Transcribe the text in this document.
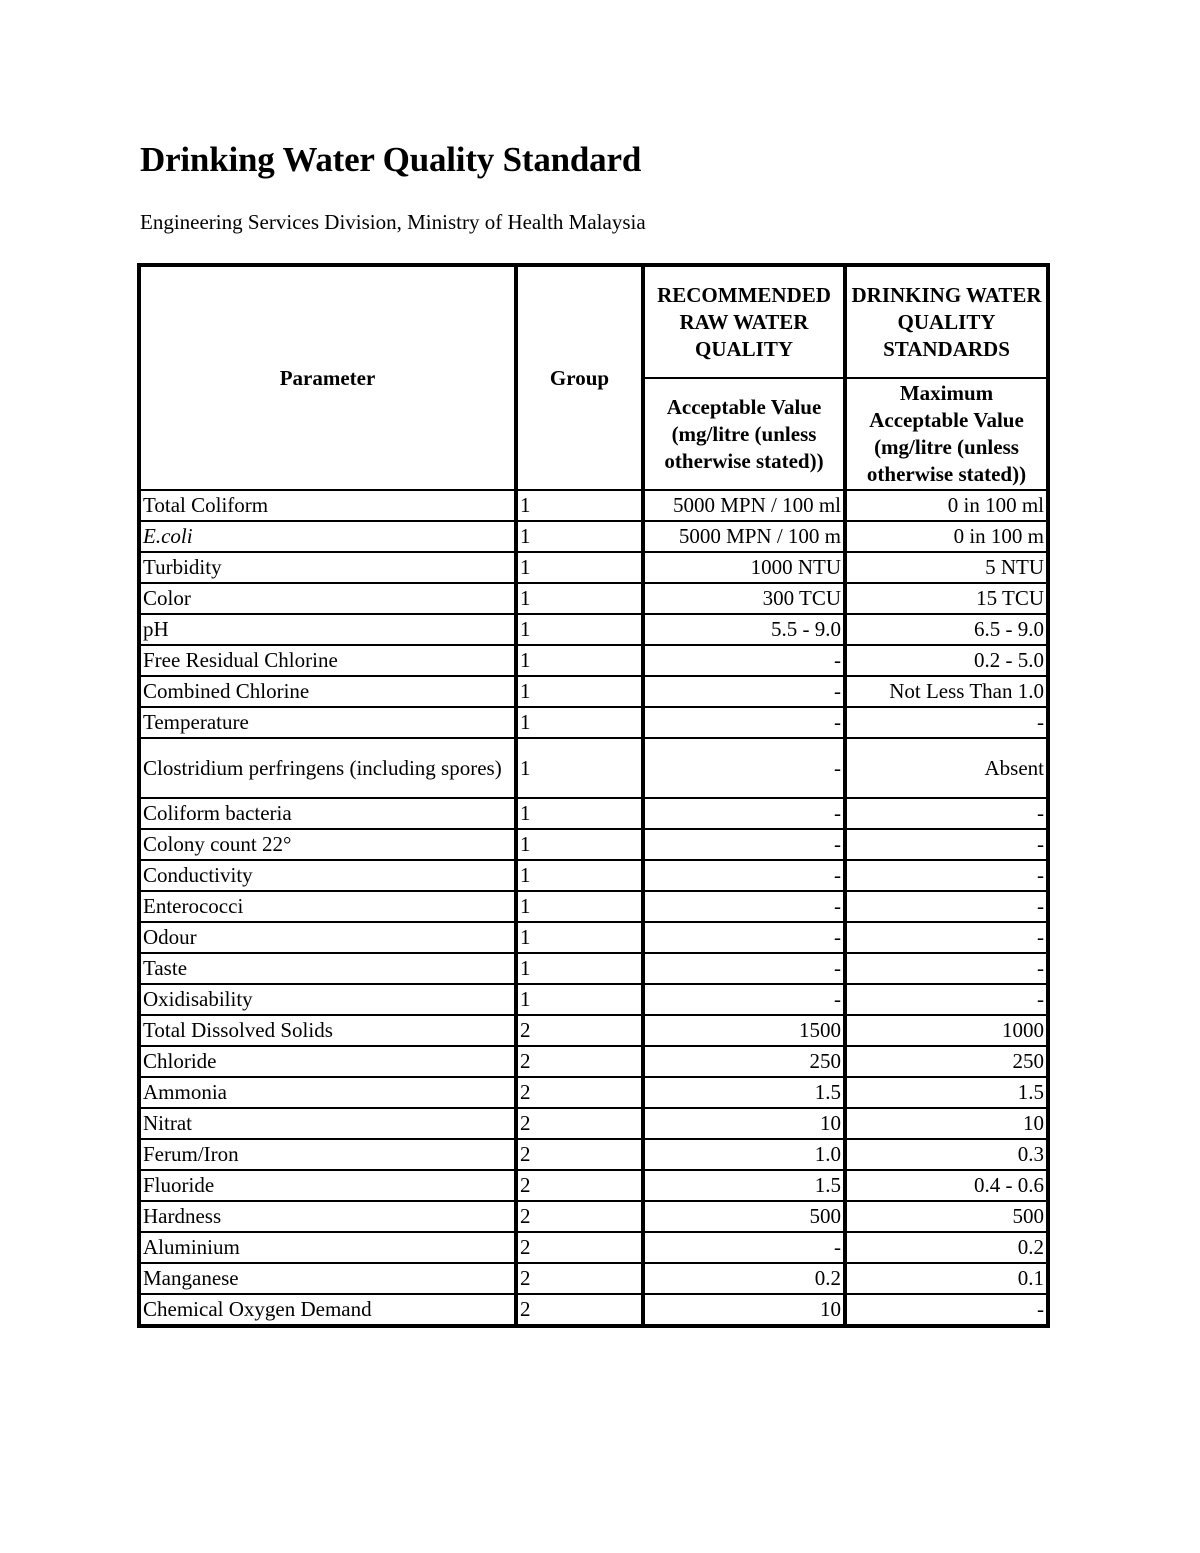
Drinking Water Quality Standard

Engineering Services Division, Ministry of Health Malaysia

Parameter	Group	RECOMMENDED RAW WATER QUALITY	DRINKING WATER QUALITY STANDARDS
		Acceptable Value (mg/litre (unless otherwise stated))	Maximum Acceptable Value (mg/litre (unless otherwise stated))
Total Coliform	1	5000 MPN / 100 ml	0 in 100 ml
E.coli	1	5000 MPN / 100 m	0 in 100 m
Turbidity	1	1000 NTU	5 NTU
Color	1	300 TCU	15 TCU
pH	1	5.5 - 9.0	6.5 - 9.0
Free Residual Chlorine	1	-	0.2 - 5.0
Combined Chlorine	1	-	Not Less Than 1.0
Temperature	1	-	-
Clostridium perfringens (including spores)	1	-	Absent
Coliform bacteria	1	-	-
Colony count 22°	1	-	-
Conductivity	1	-	-
Enterococci	1	-	-
Odour	1	-	-
Taste	1	-	-
Oxidisability	1	-	-
Total Dissolved Solids	2	1500	1000
Chloride	2	250	250
Ammonia	2	1.5	1.5
Nitrat	2	10	10
Ferum/Iron	2	1.0	0.3
Fluoride	2	1.5	0.4 - 0.6
Hardness	2	500	500
Aluminium	2	-	0.2
Manganese	2	0.2	0.1
Chemical Oxygen Demand	2	10	-
